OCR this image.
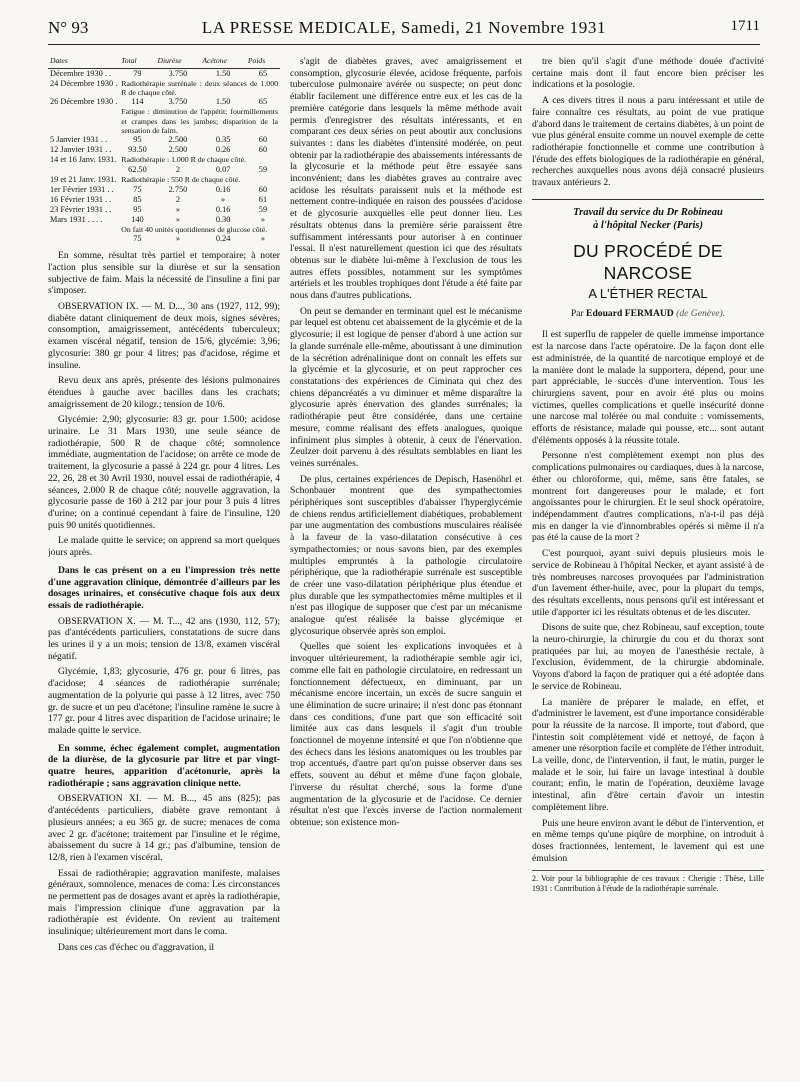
N° 93	LA PRESSE MEDICALE, Samedi, 21 Novembre 1931	1711
Dates	Total	Diurèse	Acétone	Poids
Décembre 1930 . .	79	3.750	1.50	65
24 Décembre 1930 .	Radiothérapie surrénale : deux séances de 1.000 R de chaque côté.			
26 Décembre 1930 .	114	3.750	1.50	65
	Fatigue : diminution de l'appétit; fourmillements et crampes dans les jambes; disparition de la sensation de faim.			
5 Janvier 1931 . .	95	2.500	0.35	60
12 Janvier 1931 . .	93.50	2.500	0.26	60
14 et 16 Janv. 1931.	Radiothérapie : 1.000 R de chaque côté.			
	62.50	2	0.07	59
19 et 21 Janv. 1931.	Radiothérapie : 550 R de chaque côté.			
1er Février 1931 . .	75	2.750	0.16	60
16 Février 1931 . .	85	2	»	61
23 Février 1931 . .	95	»	0.16	59
Mars 1931 . . . .	140	»	0.30	»
	On fait 40 unités quotidiennes de glucose côté.			
	75	»	0.24	»

En somme, résultat très partiel et temporaire; à noter l'action plus sensible sur la diurèse et sur la sensation subjective de faim. Mais la nécessité de l'insuline a fini par s'imposer.

OBSERVATION IX. — M. D..., 30 ans (1927, 112, 99); diabète datant cliniquement de deux mois, signes sévères, consomption, amaigrissement, antécédents tuberculeux; examen viscéral négatif, tension de 15/6, glycémie: 3,96; glycosurie: 380 gr pour 4 litres; pas d'acidose, régime et insuline.

Revu deux ans après, présente des lésions pulmonaires étendues à gauche avec bacilles dans les crachats; amaigrissement de 20 kilogr.; tension de 10/6.

Glycémie: 2,90; glycosurie: 83 gr. pour 1.500; acidose urinaire. Le 31 Mars 1930, une seule séance de radiothérapie, 500 R de chaque côté; somnolence immédiate, augmentation de l'acidose; on arrête ce mode de traitement, la glycosurie a passé à 224 gr. pour 4 litres. Les 22, 26, 28 et 30 Avril 1930, nouvel essai de radiothérapie, 4 séances, 2.000 R de chaque côté; nouvelle aggravation, la glycosurie passe de 160 à 212 par jour pour 3 puis 4 litres d'urine; on a continué cependant à faire de l'insuline, 120 puis 90 unités quotidiennes.

Le malade quitte le service; on apprend sa mort quelques jours après.

Dans le cas présent on a eu l'impression très nette d'une aggravation clinique, démontrée d'ailleurs par les dosages urinaires, et consécutive chaque fois aux deux essais de radiothérapie.

OBSERVATION X. — M. T..., 42 ans (1930, 112, 57); pas d'antécédents particuliers, constatations de sucre dans les urines il y a un mois; tension de 13/8, examen viscéral négatif.

Glycémie, 1,83; glycosurie, 476 gr. pour 6 litres, pas d'acidose; 4 séances de radiothérapie surrénale; augmentation de la polyurie qui passe à 12 litres, avec 750 gr. de sucre et un peu d'acétone; l'insuline ramène le sucre à 177 gr. pour 4 litres avec disparition de l'acidose urinaire; le malade quitte le service.

En somme, échec également complet, augmentation de la diurèse, de la glycosurie par litre et par vingt-quatre heures, apparition d'acétonurie, après la radiothérapie ; sans aggravation clinique nette.

OBSERVATION XI. — M. B..., 45 ans (825); pas d'antécédents particuliers, diabète grave remontant à plusieurs années; a eu 365 gr. de sucre; menaces de coma avec 2 gr. d'acétone; traitement par l'insuline et le régime, abaissement du sucre à 14 gr.; pas d'albumine, tension de 12/8, rien à l'examen viscéral.

Essai de radiothérapie; aggravation manifeste, malaises généraux, somnolence, menaces de coma: Les circonstances ne permettent pas de dosages avant et après la radiothérapie, mais l'impression clinique d'une aggravation par la radiothérapie est évidente. On revient au traitement insulinique; ultérieurement mort dans le coma.

Dans ces cas d'échec ou d'aggravation, il

s'agit de diabètes graves, avec amaigrissement et consomption, glycosurie élevée, acidose fréquente, parfois tuberculose pulmonaire avérée ou suspecte; on peut donc établir facilement une différence entre eux et les cas de la première catégorie dans lesquels la même méthode avait permis d'enregistrer des résultats intéressants, et en comparant ces deux séries on peut aboutir aux conclusions suivantes : dans les diabètes d'intensité modérée, on peut obtenir par la radiothérapie des abaissements intéressants de la glycosurie et la méthode peut être essayée sans inconvénient; dans les diabètes graves au contraire avec acidose les résultats paraissent nuls et la méthode est nettement contre-indiquée en raison des poussées d'acidose et de glycosurie auxquelles elle peut donner lieu. Les résultats obtenus dans la première série paraissent être suffisamment intéressants pour autoriser à en continuer l'essai. Il n'est naturellement question ici que des résultats obtenus sur le diabète lui-même à l'exclusion de tous les autres effets possibles, notamment sur les symptômes artériels et les troubles trophiques dont l'étude a été faite par nous dans d'autres publications.

On peut se demander en terminant quel est le mécanisme par lequel est obtenu cet abaissement de la glycémie et de la glycosurie; il est logique de penser d'abord à une action sur la glande surrénale elle-même, aboutissant à une diminution de la sécrétion adrénalinique dont on connaît les effets sur la glycémie et la glycosurie, et on peut rapprocher ces constatations des expériences de Ciminata qui chez des chiens dépancréatés a vu diminuer et même disparaître la glycosurie après énervation des glandes surrénales; la radiothérapie peut être considérée, dans une certaine mesure, comme réalisant des effets analogues, quoique infiniment plus simples à obtenir, à ceux de l'énervation. Zeulzer doit parvenu à des résultats semblables en liant les veines surrénales.

De plus, certaines expériences de Depisch, Hasenöhrl et Schonbauer montrent que des sympathectomies périphériques sont susceptibles d'abaisser l'hyperglycémie de chiens rendus artificiellement diabétiques, probablement par une augmentation des combustions musculaires réalisée à la faveur de la vaso-dilatation consécutive à ces sympathectomies; or nous savons bien, par des exemples multiples empruntés à la pathologie circulatoire périphérique, que la radiothérapie surrénale est susceptible de créer une vaso-dilatation périphérique plus étendue et plus durable que les sympathectomies même multiples et il n'est pas illogique de supposer que c'est par un mécanisme analogue qu'est réalisée la baisse glycémique et glycosurique observée après son emploi.

Quelles que soient les explications invoquées et à invoquer ultérieurement, la radiothérapie semble agir ici, comme elle fait en pathologie circulatoire, en redressant un fonctionnement défectueux, en diminuant, par un mécanisme encore incertain, un excès de sucre sanguin et une élimination de sucre urinaire; il n'est donc pas étonnant dans ces conditions, d'une part que son efficacité soit limitée aux cas dans lesquels il s'agit d'un trouble fonctionnel de moyenne intensité et que l'on n'obtienne que des échecs dans les lésions anatomiques ou les troubles par trop accentués, d'autre part qu'on puisse observer dans ses effets, souvent au début et même d'une façon globale, l'inverse du résultat cherché, sous la forme d'une augmentation de la glycosurie et de l'acidose. Ce dernier résultat n'est que l'excès inverse de l'action normalement obtenue; son existence mon-

tre bien qu'il s'agit d'une méthode douée d'activité certaine mais dont il faut encore bien préciser les indications et la posologie.

A ces divers titres il nous a paru intéressant et utile de faire connaître ces résultats, au point de vue pratique d'abord dans le traitement de certains diabètes, à un point de vue plus général ensuite comme un nouvel exemple de cette radiothérapie fonctionnelle et comme une contribution à l'étude des effets biologiques de la radiothérapie en général, recherches auxquelles nous avons déjà consacré plusieurs travaux antérieurs 2.

Travail du service du Dr Robineau
à l'hôpital Necker (Paris)
DU PROCÉDÉ DE NARCOSE
A L'ÉTHER RECTAL
Par Edouard FERMAUD (de Genève).

Il est superflu de rappeler de quelle immense importance est la narcose dans l'acte opératoire. De la façon dont elle est administrée, de la quantité de narcotique employé et de la manière dont le malade la supportera, dépend, pour une part appréciable, le succès d'une intervention. Tous les chirurgiens savent, pour en avoir été plus ou moins victimes, quelles complications et quelle insécurité donne une narcose mal tolérée ou mal conduite : vomissements, efforts de résistance, malade qui pousse, etc... sont autant d'éléments opposés à la réussite totale.

Personne n'est complètement exempt non plus des complications pulmonaires ou cardiaques, dues à la narcose, éther ou chloroforme, qui, même, sans être fatales, se montrent fort dangereuses pour le malade, et fort angoissantes pour le chirurgien. Et le seul shock opératoire, indépendamment d'autres complications, n'a-t-il pas déjà mis en danger la vie d'innombrables opérés si même il n'a pas été la cause de la mort ?

C'est pourquoi, ayant suivi depuis plusieurs mois le service de Robineau à l'hôpital Necker, et ayant assisté à de très nombreuses narcoses provoquées par l'administration d'un lavement éther-huile, avec, pour la plupart du temps, des résultats excellents, nous pensons qu'il est intéressant et utile d'apporter ici les résultats obtenus et de les discuter.

Disons de suite que, chez Robineau, sauf exception, toute la neuro-chirurgie, la chirurgie du cou et du thorax sont pratiquées par lui, au moyen de l'anesthésie rectale, à l'exclusion, évidemment, de la chirurgie abdominale. Voyons d'abord la façon de pratiquer qui a été adoptée dans le service de Robineau.

La manière de préparer le malade, en effet, et d'administrer le lavement, est d'une importance considérable pour la réussite de la narcose. Il importe, tout d'abord, que l'intestin soit complètement vidé et nettoyé, de façon à amener une résorption facile et complète de l'éther introduit. La veille, donc, de l'intervention, il faut, le matin, purger le malade et le soir, lui faire un lavage intestinal à double courant; enfin, le matin de l'opération, deuxième lavage intestinal, afin d'être certain d'avoir un intestin complètement libre.

Puis une heure environ avant le début de l'intervention, et en même temps qu'une piqûre de morphine, on introduit à doses fractionnées, lentement, le lavement qui est une émulsion

2. Voir pour la bibliographie de ces travaux : Cherigie : Thèse, Lille 1931 : Contribution à l'étude de la radiothérapie surrénale.
